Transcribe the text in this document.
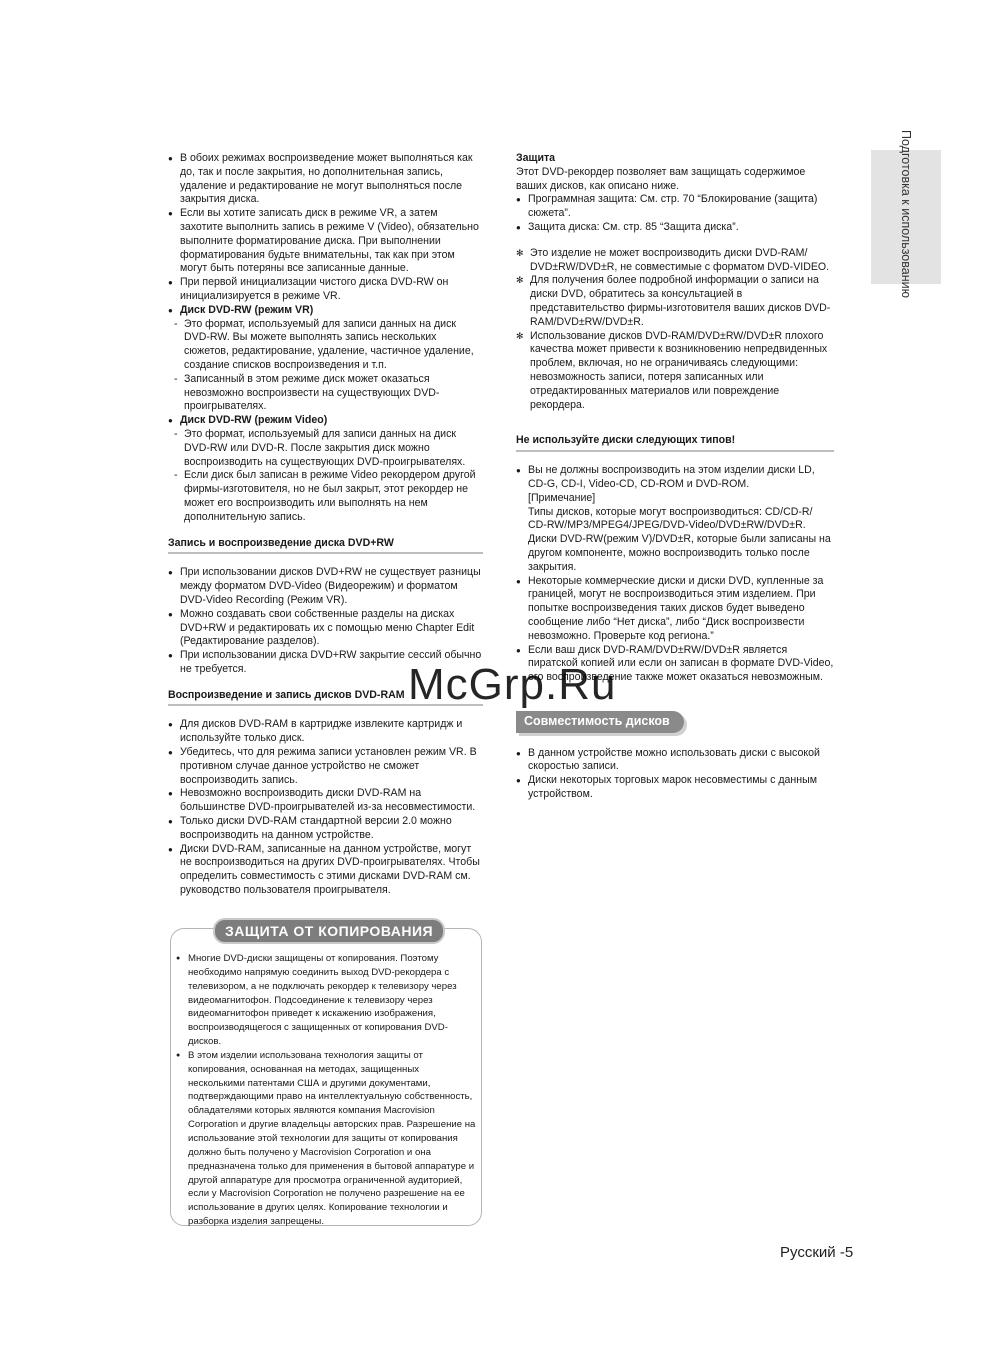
Подготовка к использованию

● В обоих режимах воспроизведение может выполняться как до, так и после закрытия, но дополнительная запись, удаление и редактирование не могут выполняться после закрытия диска.

● Если вы хотите записать диск в режиме VR, а затем захотите выполнить запись в режиме V (Video), обязательно выполните форматирование диска. При выполнении форматирования будьте внимательны, так как при этом могут быть потеряны все записанные данные.

● При первой инициализации чистого диска DVD-RW он инициализируется в режиме VR.

● Диск DVD-RW (режим VR)

- Это формат, используемый для записи данных на диск DVD-RW. Вы можете выполнять запись нескольких сюжетов, редактирование, удаление, частичное удаление, создание списков воспроизведения и т.п.

- Записанный в этом режиме диск может оказаться невозможно воспроизвести на существующих DVD-проигрывателях.

● Диск DVD-RW (режим Video)

- Это формат, используемый для записи данных на диск DVD-RW или DVD-R. После закрытия диск можно воспроизводить на существующих DVD-проигрывателях.

- Если диск был записан в режиме Video рекордером другой фирмы-изготовителя, но не был закрыт, этот рекордер не может его воспроизводить или выполнять на нем дополнительную запись.

Запись и воспроизведение диска DVD+RW

● При использовании дисков DVD+RW не существует разницы между форматом DVD-Video (Видеорежим) и форматом DVD-Video Recording (Режим VR).

● Можно создавать свои собственные разделы на дисках DVD+RW и редактировать их с помощью меню Chapter Edit (Редактирование разделов).

● При использовании диска DVD+RW закрытие сессий обычно не требуется.

Воспроизведение и запись дисков DVD-RAM

● Для дисков DVD-RAM в картридже извлеките картридж и используйте только диск.

● Убедитесь, что для режима записи установлен режим VR. В противном случае данное устройство не сможет воспроизводить запись.

● Невозможно воспроизводить диски DVD-RAM на большинстве DVD-проигрывателей из-за несовместимости.

● Только диски DVD-RAM стандартной версии 2.0 можно воспроизводить на данном устройстве.

● Диски DVD-RAM, записанные на данном устройстве, могут не воспроизводиться на других DVD-проигрывателях. Чтобы определить совместимость с этими дисками DVD-RAM см. руководство пользователя проигрывателя.

ЗАЩИТА ОТ КОПИРОВАНИЯ

● Многие DVD-диски защищены от копирования. Поэтому необходимо напрямую соединить выход DVD-рекордера с телевизором, а не подключать рекордер к телевизору через видеомагнитофон. Подсоединение к телевизору через видеомагнитофон приведет к искажению изображения, воспроизводящегося с защищенных от копирования DVD-дисков.

● В этом изделии использована технология защиты от копирования, основанная на методах, защищенных несколькими патентами США и другими документами, подтверждающими право на интеллектуальную собственность, обладателями которых являются компания Macrovision Corporation и другие владельцы авторских прав. Разрешение на использование этой технологии для защиты от копирования должно быть получено у Macrovision Corporation и она предназначена только для применения в бытовой аппаратуре и другой аппаратуре для просмотра ограниченной аудиторией, если у Macrovision Corporation не получено разрешение на ее использование в других целях. Копирование технологии и разборка изделия запрещены.

Защита

Этот DVD-рекордер позволяет вам защищать содержимое ваших дисков, как описано ниже.

● Программная защита: См. стр. 70 “Блокирование (защита) сюжета”.

● Защита диска: См. стр. 85 “Защита диска”.

✻ Это изделие не может воспроизводить диски DVD-RAM/ DVD±RW/DVD±R, не совместимые с форматом DVD-VIDEO.

✻ Для получения более подробной информации о записи на диски DVD, обратитесь за консультацией в представительство фирмы-изготовителя ваших дисков DVD-RAM/DVD±RW/DVD±R.

✻ Использование дисков DVD-RAM/DVD±RW/DVD±R плохого качества может привести к возникновению непредвиденных проблем, включая, но не ограничиваясь следующими: невозможность записи, потеря записанных или отредактированных материалов или повреждение рекордера.

Не используйте диски следующих типов!

● Вы не должны воспроизводить на этом изделии диски LD, CD-G, CD-I, Video-CD, CD-ROM и DVD-ROM.

[Примечание]

Типы дисков, которые могут воспроизводиться: CD/CD-R/ CD-RW/MP3/MPEG4/JPEG/DVD-Video/DVD±RW/DVD±R. Диски DVD-RW(режим V)/DVD±R, которые были записаны на другом компоненте, можно воспроизводить только после закрытия.

● Некоторые коммерческие диски и диски DVD, купленные за границей, могут не воспроизводиться этим изделием. При попытке воспроизведения таких дисков будет выведено сообщение либо “Нет диска”, либо “Диск воспроизвести невозможно. Проверьте код региона.”

● Если ваш диск DVD-RAM/DVD±RW/DVD±R является пиратской копией или если он записан в формате DVD-Video, его воспроизведение также может оказаться невозможным.

Совместимость дисков

● В данном устройстве можно использовать диски с высокой скоростью записи.

● Диски некоторых торговых марок несовместимы с данным устройством.

Русский -5
McGrp.Ru
